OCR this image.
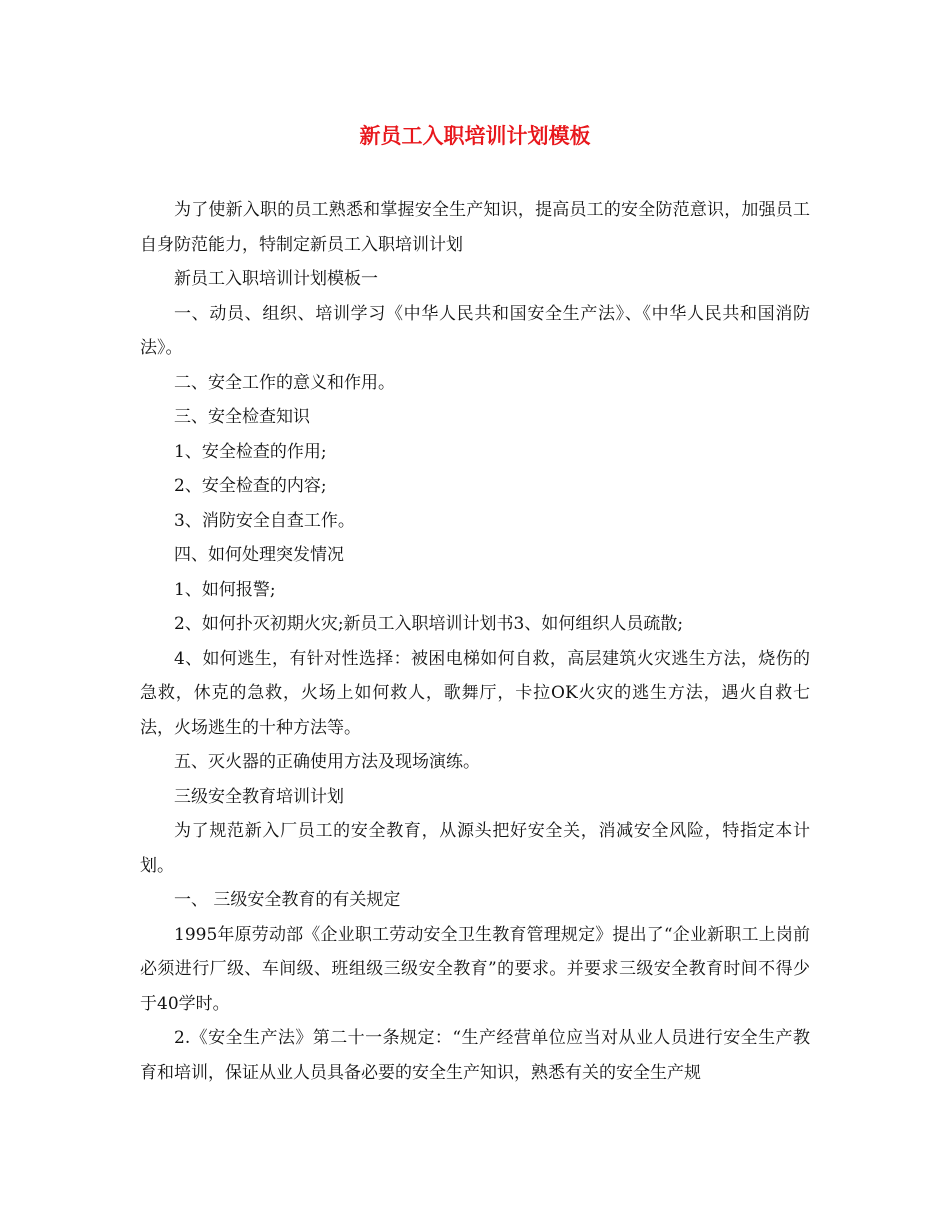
新员工入职培训计划模板

为了使新入职的员工熟悉和掌握安全生产知识，提高员工的安全防范意识，加强员工自身防范能力，特制定新员工入职培训计划

新员工入职培训计划模板一

一、动员、组织、培训学习《中华人民共和国安全生产法》、《中华人民共和国消防法》。

二、安全工作的意义和作用。

三、安全检查知识

1、安全检查的作用;

2、安全检查的内容;

3、消防安全自查工作。

四、如何处理突发情况

1、如何报警;

2、如何扑灭初期火灾;新员工入职培训计划书3、如何组织人员疏散;

4、如何逃生，有针对性选择：被困电梯如何自救，高层建筑火灾逃生方法，烧伤的急救，休克的急救，火场上如何救人，歌舞厅，卡拉OK火灾的逃生方法，遇火自救七法，火场逃生的十种方法等。

五、灭火器的正确使用方法及现场演练。

三级安全教育培训计划

为了规范新入厂员工的安全教育，从源头把好安全关，消减安全风险，特指定本计划。

一、 三级安全教育的有关规定

1995年原劳动部《企业职工劳动安全卫生教育管理规定》提出了“企业新职工上岗前必须进行厂级、车间级、班组级三级安全教育”的要求。并要求三级安全教育时间不得少于40学时。

2.《安全生产法》第二十一条规定：“生产经营单位应当对从业人员进行安全生产教育和培训，保证从业人员具备必要的安全生产知识，熟悉有关的安全生产规
